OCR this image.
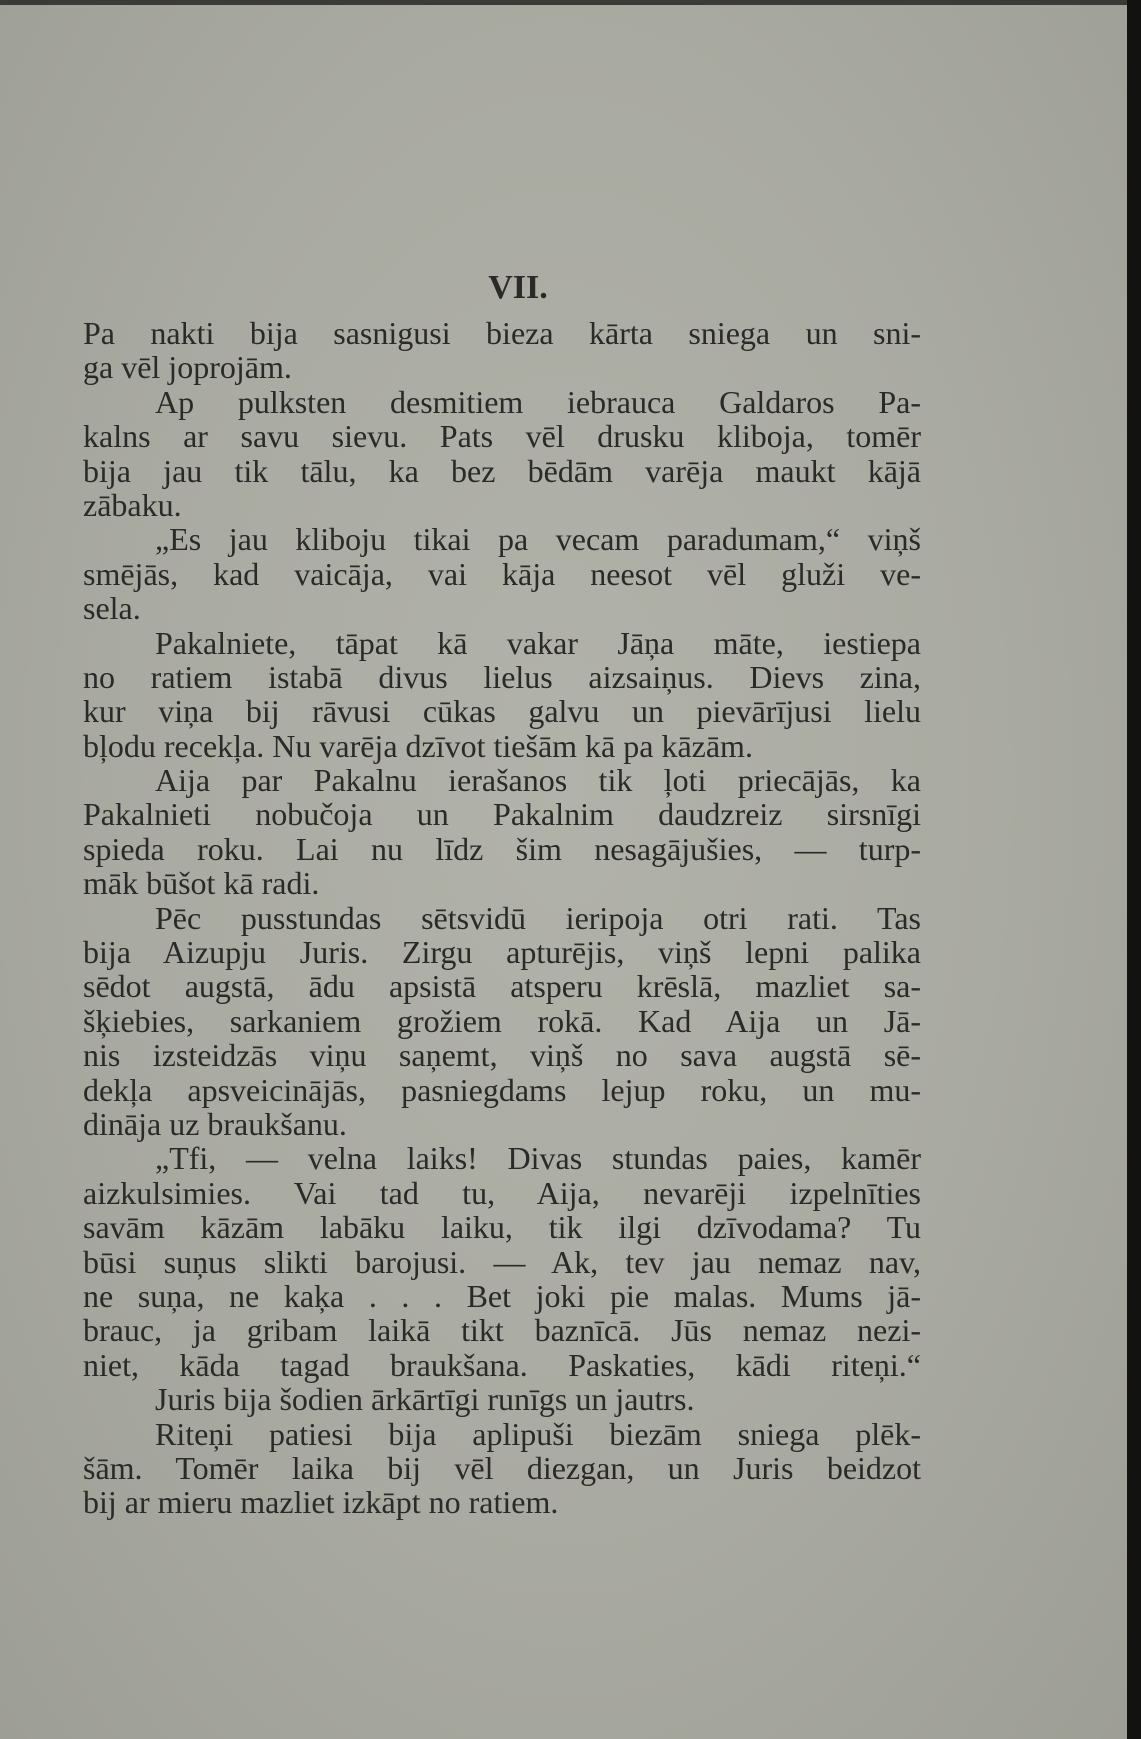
VII.
Pa nakti bija sasnigusi bieza kārta sniega un sni-
ga vēl joprojām.
Ap pulksten desmitiem iebrauca Galdaros Pa-
kalns ar savu sievu. Pats vēl drusku kliboja, tomēr
bija jau tik tālu, ka bez bēdām varēja maukt kājā
zābaku.
„Es jau kliboju tikai pa vecam paradumam,“ viņš
smējās, kad vaicāja, vai kāja neesot vēl gluži ve-
sela.
Pakalniete, tāpat kā vakar Jāņa māte, iestiepa
no ratiem istabā divus lielus aizsaiņus. Dievs zina,
kur viņa bij rāvusi cūkas galvu un pievārījusi lielu
bļodu recekļa. Nu varēja dzīvot tiešām kā pa kāzām.
Aija par Pakalnu ierašanos tik ļoti priecājās, ka
Pakalnieti nobučoja un Pakalnim daudzreiz sirsnīgi
spieda roku. Lai nu līdz šim nesagājušies, — turp-
māk būšot kā radi.
Pēc pusstundas sētsvidū ieripoja otri rati. Tas
bija Aizupju Juris. Zirgu apturējis, viņš lepni palika
sēdot augstā, ādu apsistā atsperu krēslā, mazliet sa-
šķiebies, sarkaniem grožiem rokā. Kad Aija un Jā-
nis izsteidzās viņu saņemt, viņš no sava augstā sē-
dekļa apsveicinājās, pasniegdams lejup roku, un mu-
dināja uz braukšanu.
„Tfi, — velna laiks! Divas stundas paies, kamēr
aizkulsimies. Vai tad tu, Aija, nevarēji izpelnīties
savām kāzām labāku laiku, tik ilgi dzīvodama? Tu
būsi suņus slikti barojusi. — Ak, tev jau nemaz nav,
ne suņa, ne kaķa . . . Bet joki pie malas. Mums jā-
brauc, ja gribam laikā tikt baznīcā. Jūs nemaz nezi-
niet, kāda tagad braukšana. Paskaties, kādi riteņi.“
Juris bija šodien ārkārtīgi runīgs un jautrs.
Riteņi patiesi bija aplipuši biezām sniega plēk-
šām. Tomēr laika bij vēl diezgan, un Juris beidzot
bij ar mieru mazliet izkāpt no ratiem.
